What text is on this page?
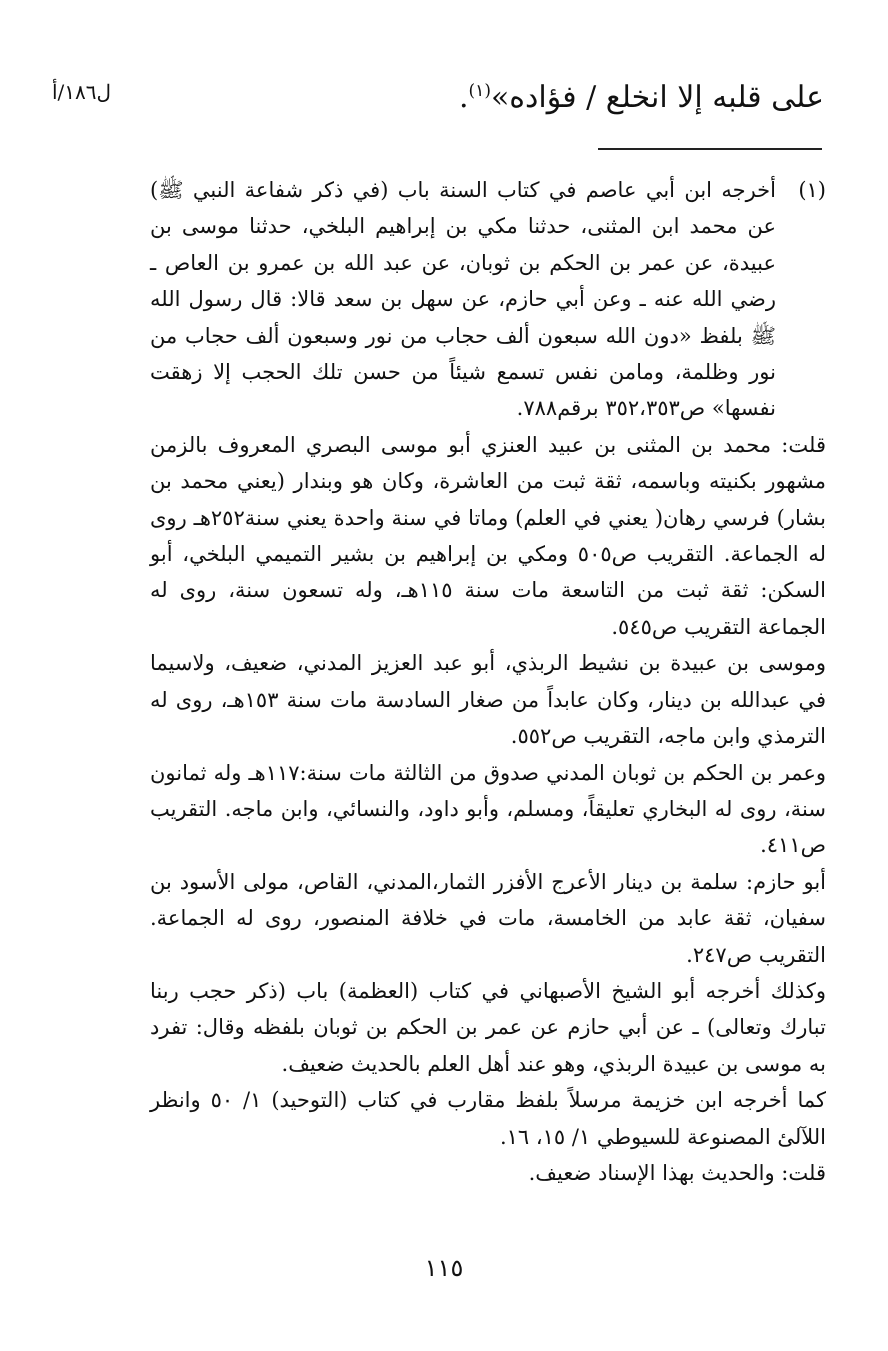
ل١٨٦/أ	على قلبه إلا انخلع / فؤاده»$^{(١)}$.
(١)

أخرجه ابن أبي عاصم في كتاب السنة باب (في ذكر شفاعة النبي ﷺ) عن محمد ابن المثنى، حدثنا مكي بن إبراهيم البلخي، حدثنا موسى بن عبيدة، عن عمر بن الحكم بن ثوبان، عن عبد الله بن عمرو بن العاص ـ رضي الله عنه ـ وعن أبي حازم، عن سهل بن سعد قالا: قال رسول الله ﷺ بلفظ «دون الله سبعون ألف حجاب من نور وسبعون ألف حجاب من نور وظلمة، ومامن نفس تسمع شيئاً من حسن تلك الحجب إلا زهقت نفسها» ص٣٥٢،٣٥٣ برقم٧٨٨.

قلت: محمد بن المثنى بن عبيد العنزي أبو موسى البصري المعروف بالزمن مشهور بكنيته وباسمه، ثقة ثبت من العاشرة، وكان هو وبندار (يعني محمد بن بشار) فرسي رهان( يعني في العلم) وماتا في سنة واحدة يعني سنة٢٥٢هـ روى له الجماعة. التقريب ص٥٠٥ ومكي بن إبراهيم بن بشير التميمي البلخي، أبو السكن: ثقة ثبت من التاسعة مات سنة ١١٥هـ، وله تسعون سنة، روى له الجماعة التقريب ص٥٤٥.

وموسى بن عبيدة بن نشيط الربذي، أبو عبد العزيز المدني، ضعيف، ولاسيما في عبدالله بن دينار، وكان عابداً من صغار السادسة مات سنة ١٥٣هـ، روى له الترمذي وابن ماجه، التقريب ص٥٥٢.

وعمر بن الحكم بن ثوبان المدني صدوق من الثالثة مات سنة:١١٧هـ وله ثمانون سنة، روى له البخاري تعليقاً، ومسلم، وأبو داود، والنسائي، وابن ماجه. التقريب ص٤١١.

أبو حازم: سلمة بن دينار الأعرج الأفزر الثمار،المدني، القاص، مولى الأسود بن سفيان، ثقة عابد من الخامسة، مات في خلافة المنصور، روى له الجماعة. التقريب ص٢٤٧.

وكذلك أخرجه أبو الشيخ الأصبهاني في كتاب (العظمة) باب (ذكر حجب ربنا تبارك وتعالى) ـ عن أبي حازم عن عمر بن الحكم بن ثوبان بلفظه وقال: تفرد به موسى بن عبيدة الربذي، وهو عند أهل العلم بالحديث ضعيف.

كما أخرجه ابن خزيمة مرسلاً بلفظ مقارب في كتاب (التوحيد) ١/ ٥٠ وانظر اللآلئ المصنوعة للسيوطي ١/ ١٥، ١٦.

قلت: والحديث بهذا الإسناد ضعيف.

١١٥
